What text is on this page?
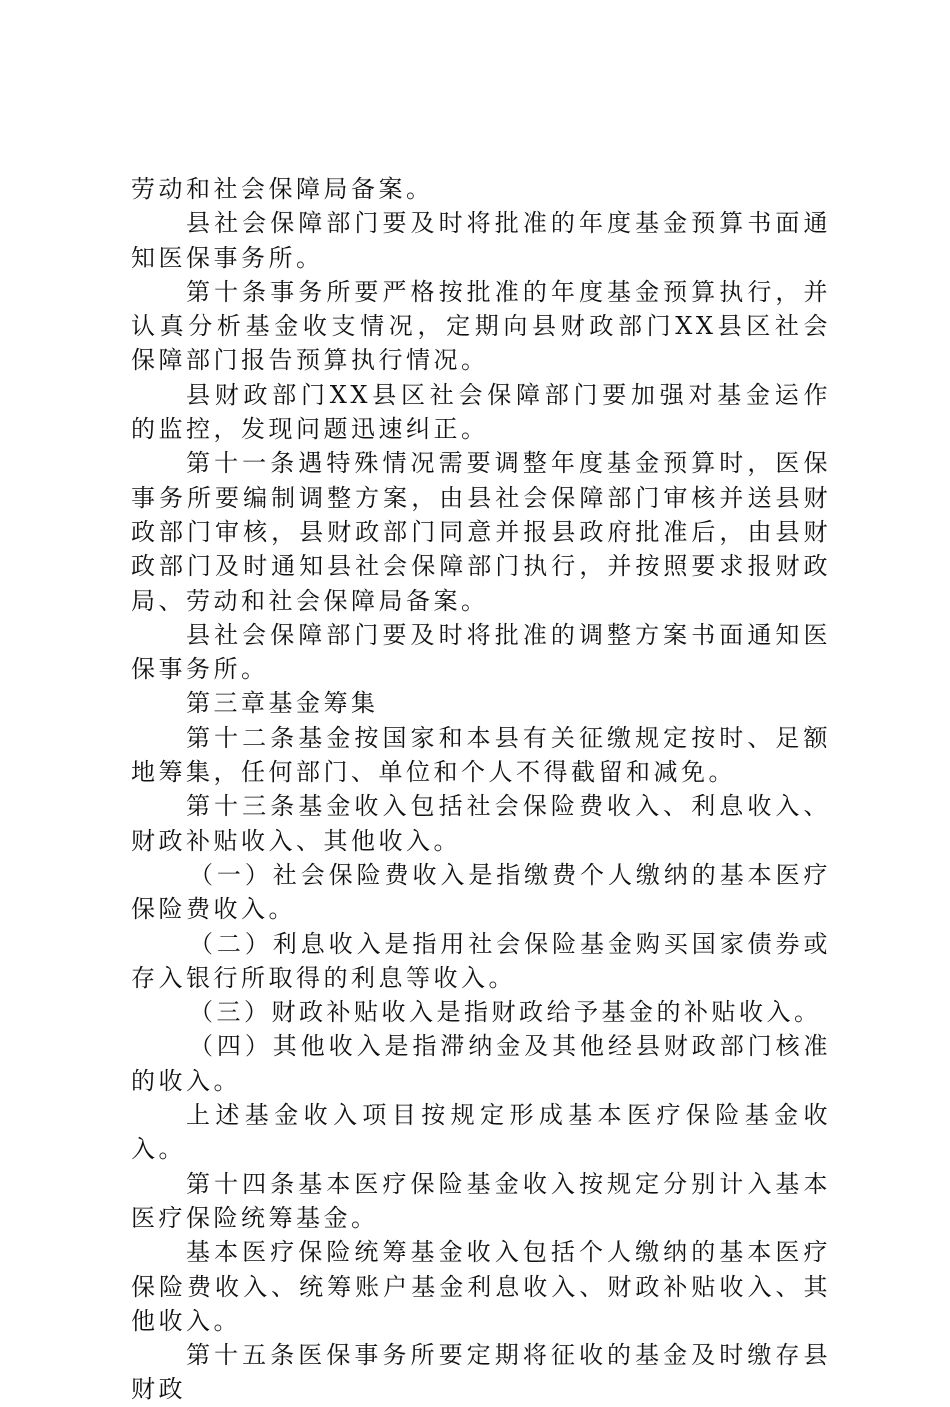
劳动和社会保障局备案。

县社会保障部门要及时将批准的年度基金预算书面通知医保事务所。

第十条事务所要严格按批准的年度基金预算执行，并认真分析基金收支情况，定期向县财政部门XX县区社会保障部门报告预算执行情况。

县财政部门XX县区社会保障部门要加强对基金运作的监控，发现问题迅速纠正。

第十一条遇特殊情况需要调整年度基金预算时，医保事务所要编制调整方案，由县社会保障部门审核并送县财政部门审核，县财政部门同意并报县政府批准后，由县财政部门及时通知县社会保障部门执行，并按照要求报财政局、劳动和社会保障局备案。

县社会保障部门要及时将批准的调整方案书面通知医保事务所。

第三章基金筹集

第十二条基金按国家和本县有关征缴规定按时、足额地筹集，任何部门、单位和个人不得截留和减免。

第十三条基金收入包括社会保险费收入、利息收入、财政补贴收入、其他收入。

（一）社会保险费收入是指缴费个人缴纳的基本医疗保险费收入。

（二）利息收入是指用社会保险基金购买国家债券或存入银行所取得的利息等收入。

（三）财政补贴收入是指财政给予基金的补贴收入。

（四）其他收入是指滞纳金及其他经县财政部门核准的收入。

上述基金收入项目按规定形成基本医疗保险基金收入。

第十四条基本医疗保险基金收入按规定分别计入基本医疗保险统筹基金。

基本医疗保险统筹基金收入包括个人缴纳的基本医疗保险费收入、统筹账户基金利息收入、财政补贴收入、其他收入。

第十五条医保事务所要定期将征收的基金及时缴存县财政
